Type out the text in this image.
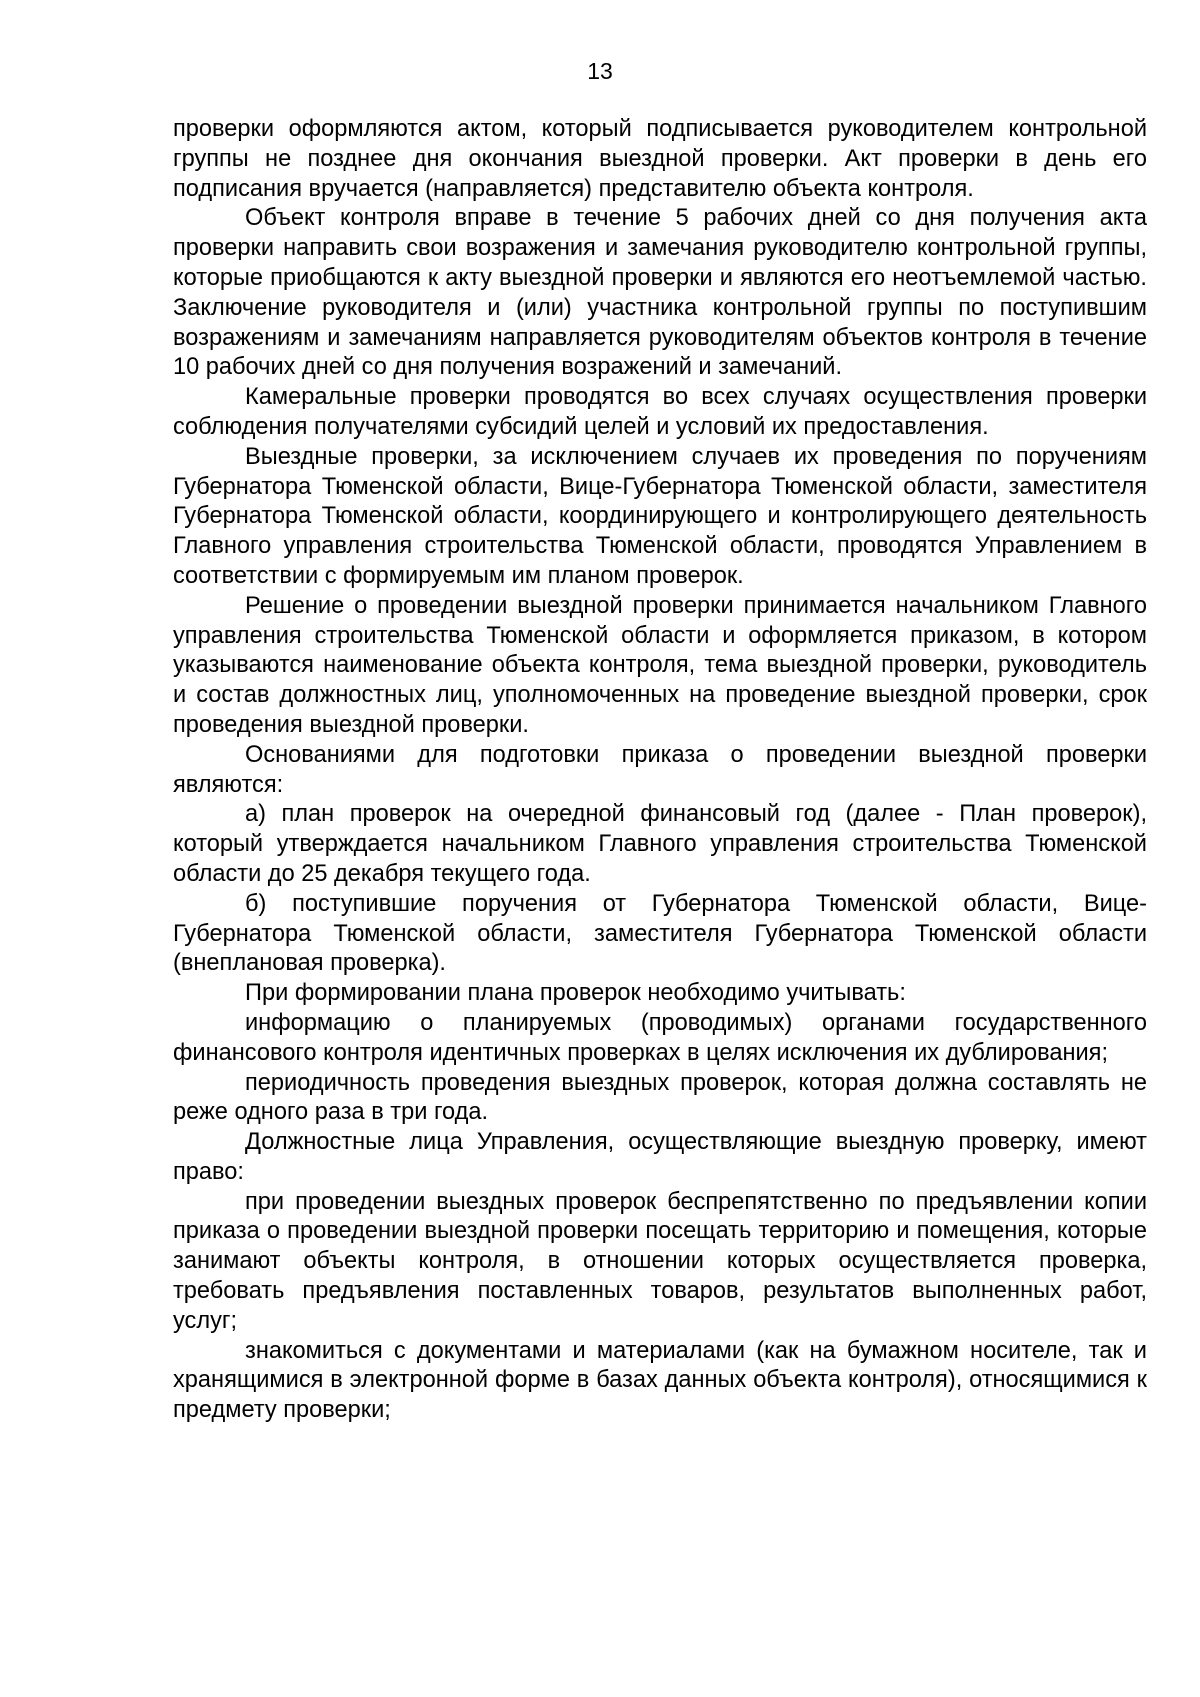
13

проверки оформляются актом, который подписывается руководителем контрольной группы не позднее дня окончания выездной проверки. Акт проверки в день его подписания вручается (направляется) представителю объекта контроля.

Объект контроля вправе в течение 5 рабочих дней со дня получения акта проверки направить свои возражения и замечания руководителю контрольной группы, которые приобщаются к акту выездной проверки и являются его неотъемлемой частью. Заключение руководителя и (или) участника контрольной группы по поступившим возражениям и замечаниям направляется руководителям объектов контроля в течение 10 рабочих дней со дня получения возражений и замечаний.

Камеральные проверки проводятся во всех случаях осуществления проверки соблюдения получателями субсидий целей и условий их предоставления.

Выездные проверки, за исключением случаев их проведения по поручениям Губернатора Тюменской области, Вице-Губернатора Тюменской области, заместителя Губернатора Тюменской области, координирующего и контролирующего деятельность Главного управления строительства Тюменской области, проводятся Управлением в соответствии с формируемым им планом проверок.

Решение о проведении выездной проверки принимается начальником Главного управления строительства Тюменской области и оформляется приказом, в котором указываются наименование объекта контроля, тема выездной проверки, руководитель и состав должностных лиц, уполномоченных на проведение выездной проверки, срок проведения выездной проверки.

Основаниями для подготовки приказа о проведении выездной проверки являются:

а) план проверок на очередной финансовый год (далее - План проверок), который утверждается начальником Главного управления строительства Тюменской области до 25 декабря текущего года.

б) поступившие поручения от Губернатора Тюменской области, Вице-Губернатора Тюменской области, заместителя Губернатора Тюменской области (внеплановая проверка).

При формировании плана проверок необходимо учитывать:

информацию о планируемых (проводимых) органами государственного финансового контроля идентичных проверках в целях исключения их дублирования;

периодичность проведения выездных проверок, которая должна составлять не реже одного раза в три года.

Должностные лица Управления, осуществляющие выездную проверку, имеют право:

при проведении выездных проверок беспрепятственно по предъявлении копии приказа о проведении выездной проверки посещать территорию и помещения, которые занимают объекты контроля, в отношении которых осуществляется проверка, требовать предъявления поставленных товаров, результатов выполненных работ, услуг;

знакомиться с документами и материалами (как на бумажном носителе, так и хранящимися в электронной форме в базах данных объекта контроля), относящимися к предмету проверки;
